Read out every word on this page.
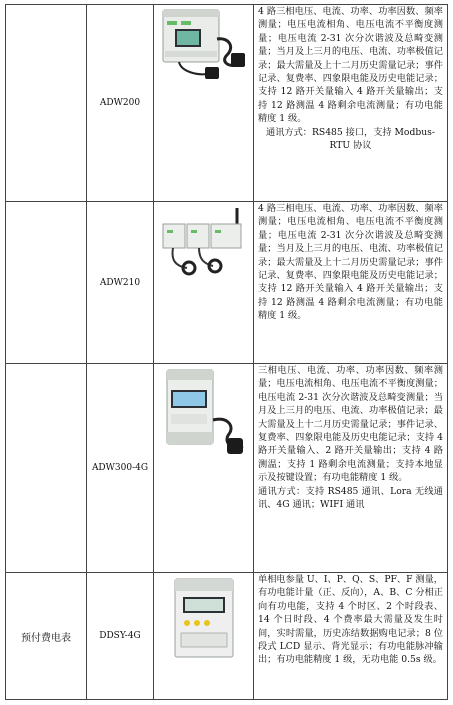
	ADW200		4 路三相电压、电流、功率、功率因数、频率测量；电压电流相角、电压电流不平衡度测量；电压电流 2-31 次分次谐波及总畸变测量；当月及上三月的电压、电流、功率极值记录；最大需量及上十二月历史需量记录；事件记录、复费率、四象限电能及历史电能记录；支持 12 路开关量输入 4 路开关量输出；支持 12 路测温 4 路剩余电流测量；有功电能精度 1 级。

通讯方式：RS485 接口，支持 Modbus-RTU 协议

	ADW210		4 路三相电压、电流、功率、功率因数、频率测量；电压电流相角、电压电流不平衡度测量；电压电流 2-31 次分次谐波及总畸变测量；当月及上三月的电压、电流、功率极值记录；最大需量及上十二月历史需量记录；事件记录、复费率、四象限电能及历史电能记录；支持 12 路开关量输入 4 路开关量输出；支持 12 路测温 4 路剩余电流测量；有功电能精度 1 级。

	ADW300-4G		三相电压、电流、功率、功率因数、频率测量；电压电流相角、电压电流不平衡度测量；电压电流 2-31 次分次谐波及总畸变测量；当月及上三月的电压、电流、功率极值记录；最大需量及上十二月历史需量记录；事件记录、复费率、四象限电能及历史电能记录；支持 4 路开关量输入、2 路开关量输出；支持 4 路测温；支持 1 路剩余电流测量；支持本地显示及按键设置；有功电能精度 1 级。

通讯方式：支持 RS485 通讯、Lora 无线通讯、4G 通讯；WIFI 通讯

预付费电表	DDSY-4G		单相电参量 U、I、P、Q、S、PF、F 测量，有功电能计量（正、反向），A、B、C 分相正向有功电能，支持 4 个时区、2 个时段表、14 个日时段、4 个费率最大需量及发生时间，实时需量，历史冻结数据购电记录；8 位段式 LCD 显示、背光显示；有功电能脉冲输出；有功电能精度 1 级，无功电能 0.5s 级。
